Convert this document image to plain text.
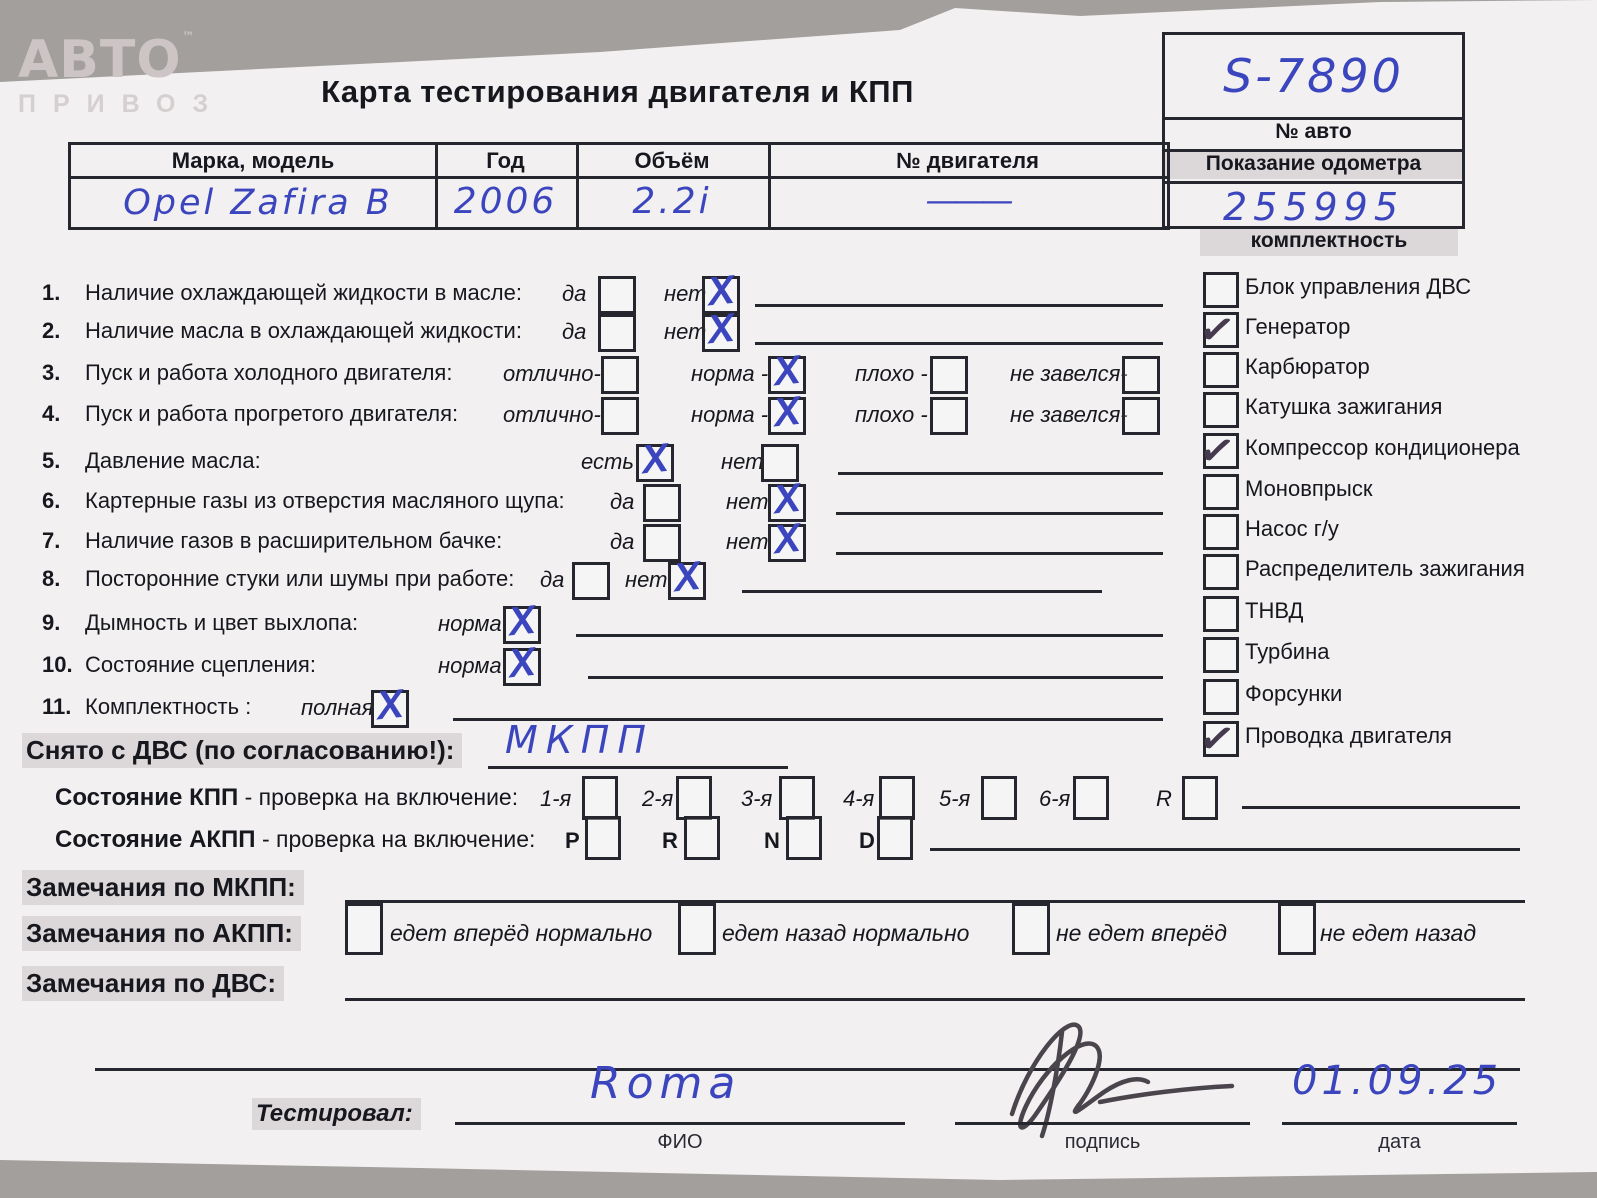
АВТО™
ПРИВОЗ	Карта тестирования двигателя и КПП	S-7890
№ авто
Показание одометра
255995
Марка, модель	Год	Объём	№ двигателя
Opel Zafira B	2006	2.2i	———
комплектность
Блок управления ДВС
✓ Генератор
Карбюратор
Катушка зажигания
✓ Компрессор кондиционера
Моновпрыск
Насос г/у
Распределитель зажигания
ТНВД
Турбина
Форсунки
✓ Проводка двигателя
1. Наличие охлаждающей жидкости в масле: да	нет X
2. Наличие масла в охлаждающей жидкости: да	нет X
3. Пуск и работа холодного двигателя: отлично-	норма - X плохо -	не завелся-
4. Пуск и работа прогретого двигателя: отлично-	норма - X плохо -	не завелся-
5. Давление масла:	есть X нет
6. Картерные газы из отверстия масляного щупа: да	нет X
7. Наличие газов в расширительном бачке:	да	нет X
8. Посторонние стуки или шумы при работе: да	нет X
9. Дымность и цвет выхлопа:	норма X
10. Состояние сцепления:	норма X
11. Комплектность : полная X
Снято с ДВС (по согласованию!): МКПП
Состояние КПП - проверка на включение: 1-я	2-я	3-я	4-я	5-я	6-я	R
Состояние АКПП - проверка на включение: P	R	N	D
Замечания по МКПП:
Замечания по АКПП:	едет вперёд нормально	едет назад нормально	не едет вперёд	не едет назад
Замечания по ДВС:
Тестировал:
Roma
ФИО	подпись
01.09.25
дата
